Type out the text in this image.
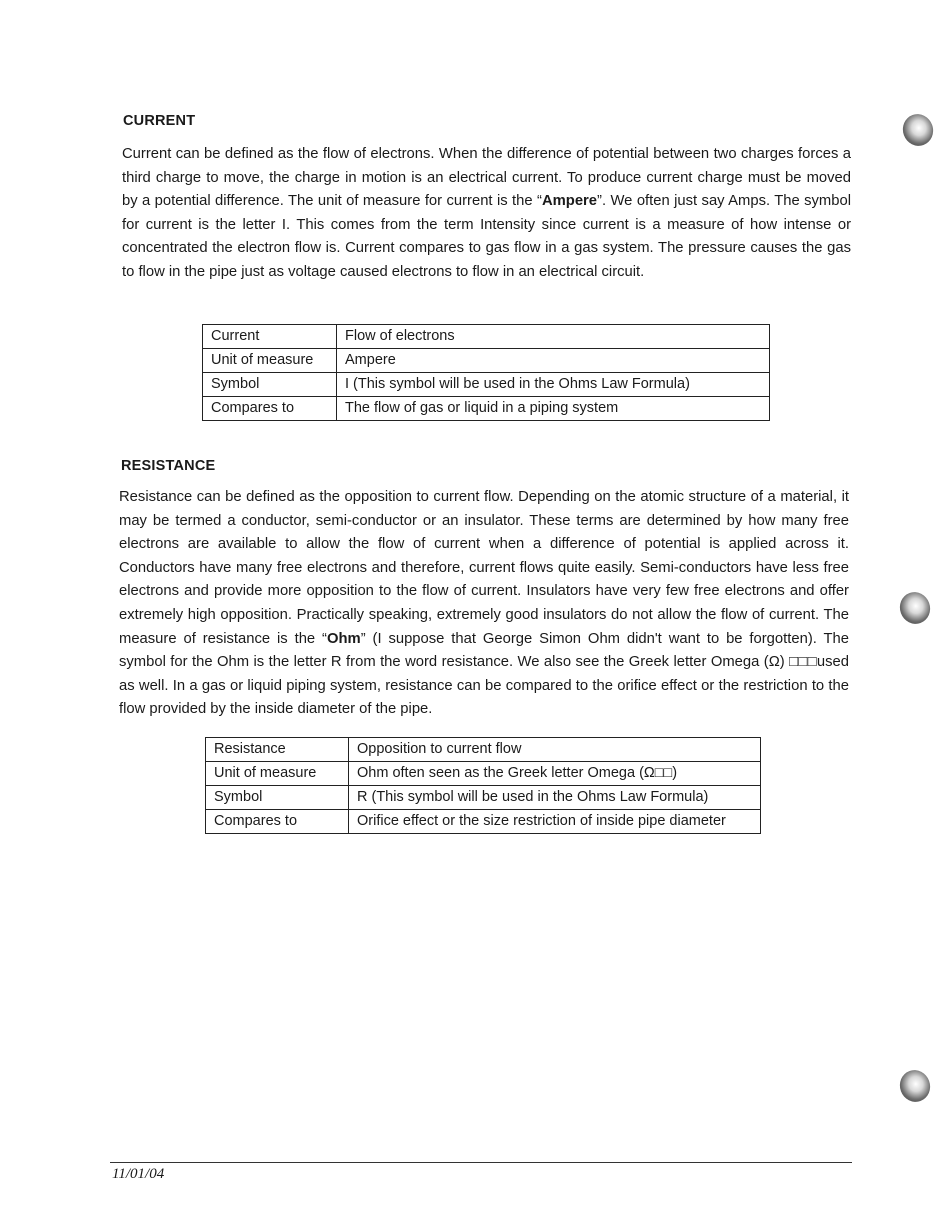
CURRENT

Current can be defined as the flow of electrons. When the difference of potential between two charges forces a third charge to move, the charge in motion is an electrical current. To produce current charge must be moved by a potential difference. The unit of measure for current is the “Ampere”. We often just say Amps. The symbol for current is the letter I. This comes from the term Intensity since current is a measure of how intense or concentrated the electron flow is. Current compares to gas flow in a gas system. The pressure causes the gas to flow in the pipe just as voltage caused electrons to flow in an electrical circuit.

Current	Flow of electrons
Unit of measure	Ampere
Symbol	I (This symbol will be used in the Ohms Law Formula)
Compares to	The flow of gas or liquid in a piping system
RESISTANCE

Resistance can be defined as the opposition to current flow. Depending on the atomic structure of a material, it may be termed a conductor, semi-conductor or an insulator. These terms are determined by how many free electrons are available to allow the flow of current when a difference of potential is applied across it. Conductors have many free electrons and therefore, current flows quite easily. Semi-conductors have less free electrons and provide more opposition to the flow of current. Insulators have very few free electrons and offer extremely high opposition. Practically speaking, extremely good insulators do not allow the flow of current. The measure of resistance is the “Ohm” (I suppose that George Simon Ohm didn't want to be forgotten). The symbol for the Ohm is the letter R from the word resistance. We also see the Greek letter Omega (Ω) □□□used as well. In a gas or liquid piping system, resistance can be compared to the orifice effect or the restriction to the flow provided by the inside diameter of the pipe.

Resistance	Opposition to current flow
Unit of measure	Ohm often seen as the Greek letter Omega (Ω□□)
Symbol	R (This symbol will be used in the Ohms Law Formula)
Compares to	Orifice effect or the size restriction of inside pipe diameter

11/01/04
